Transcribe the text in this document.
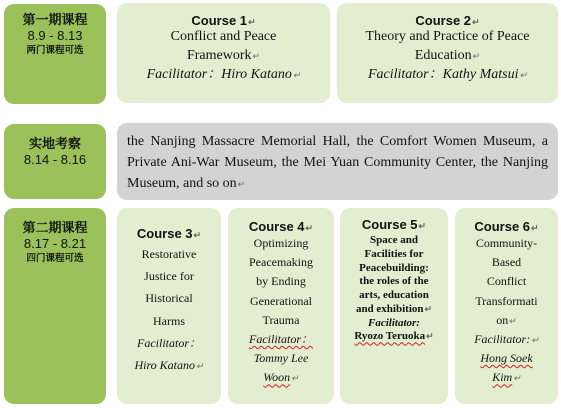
第一期课程
8.9 - 8.13
两门课程可选
Course 1↵
Conflict and Peace
Framework↵
Facilitator：Hiro Katano↵
Course 2↵
Theory and Practice of Peace
Education↵
Facilitator：Kathy Matsui↵
实地考察
8.14 - 8.16
the Nanjing Massacre Memorial Hall, the Comfort Women Museum, a Private Ani-War Museum, the Mei Yuan Community Center, the Nanjing Museum, and so on↵
第二期课程
8.17 - 8.21
四门课程可选
Course 3↵
Restorative
Justice for
Historical
Harms
Facilitator：
Hiro Katano↵
Course 4↵
Optimizing
Peacemaking
by Ending
Generational
Trauma
Facilitator：
Tommy Lee
Woon↵
Course 5↵
Space and
Facilities for
Peacebuilding:
the roles of the
arts, education
and exhibition↵
Facilitator:
Ryozo Teruoka↵
Course 6↵
Community-
Based
Conflict
Transformati
on↵
Facilitator:↵
Hong Soek
Kim↵
